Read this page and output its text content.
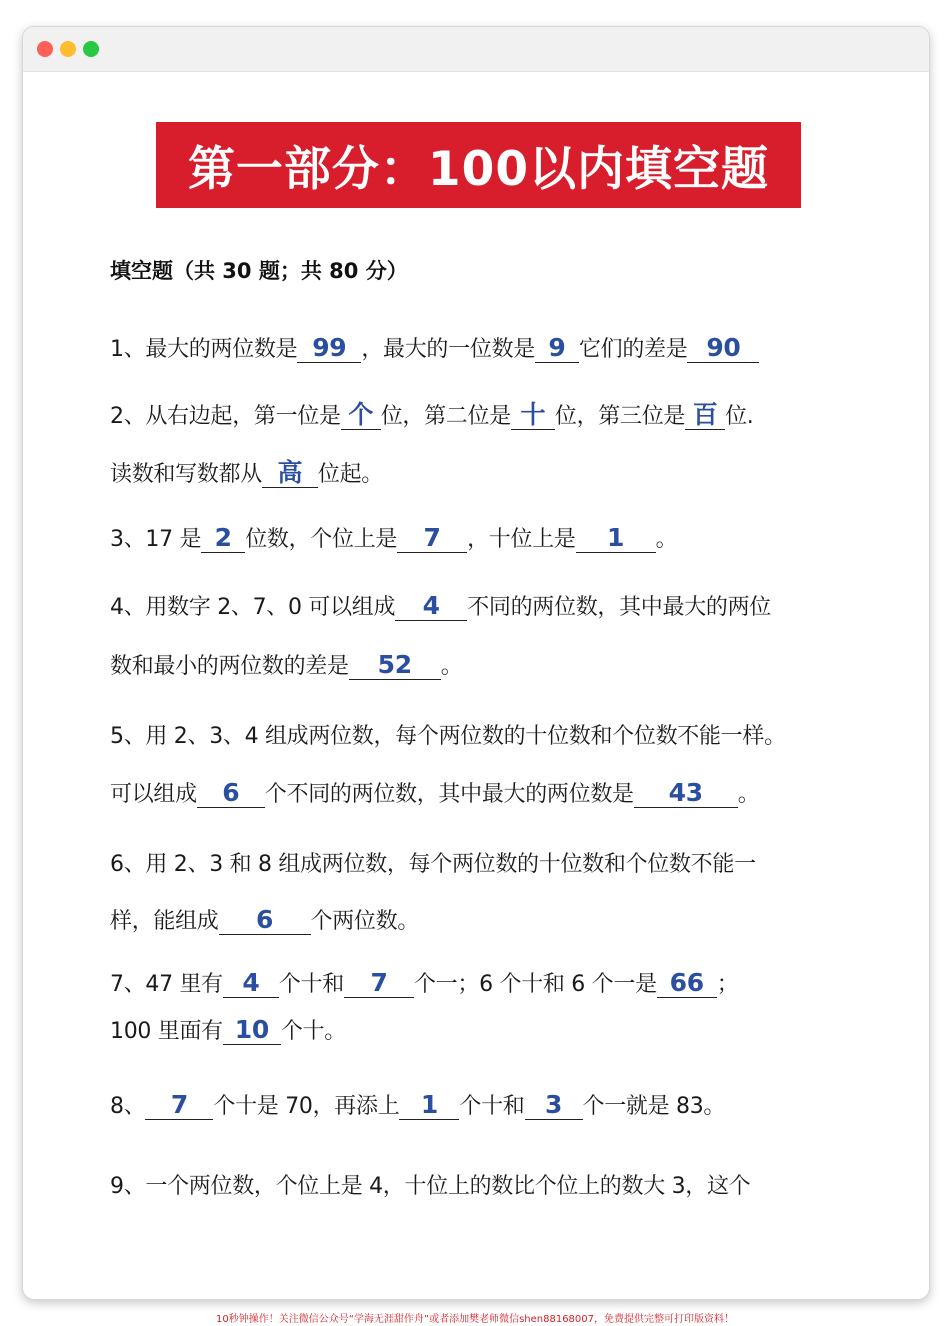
第一部分：100以内填空题
填空题（共 30 题；共 80 分）
1、最大的两位数是 99 ，最大的一位数是 9 它们的差是 90
2、从右边起，第一位是 个 位，第二位是 十 位，第三位是 百 位.
读数和写数都从 高 位起。
3、17 是 2 位数，个位上是 7 ，十位上是 1 。
4、用数字 2、7、0 可以组成 4 不同的两位数，其中最大的两位
数和最小的两位数的差是 52 。
5、用 2、3、4 组成两位数，每个两位数的十位数和个位数不能一样。
可以组成 6 个不同的两位数，其中最大的两位数是 43 。
6、用 2、3 和 8 组成两位数，每个两位数的十位数和个位数不能一
样，能组成 6 个两位数。
7、47 里有 4 个十和 7 个一；6 个十和 6 个一是 66 ；
100 里面有 10 个十。
8、 7 个十是 70，再添上 1 个十和 3 个一就是 83。
9、一个两位数，个位上是 4，十位上的数比个位上的数大 3，这个
10秒钟操作！关注微信公众号“学海无涯甜作舟”或者添加樊老师微信shen88168007，免费提供完整可打印版资料！
